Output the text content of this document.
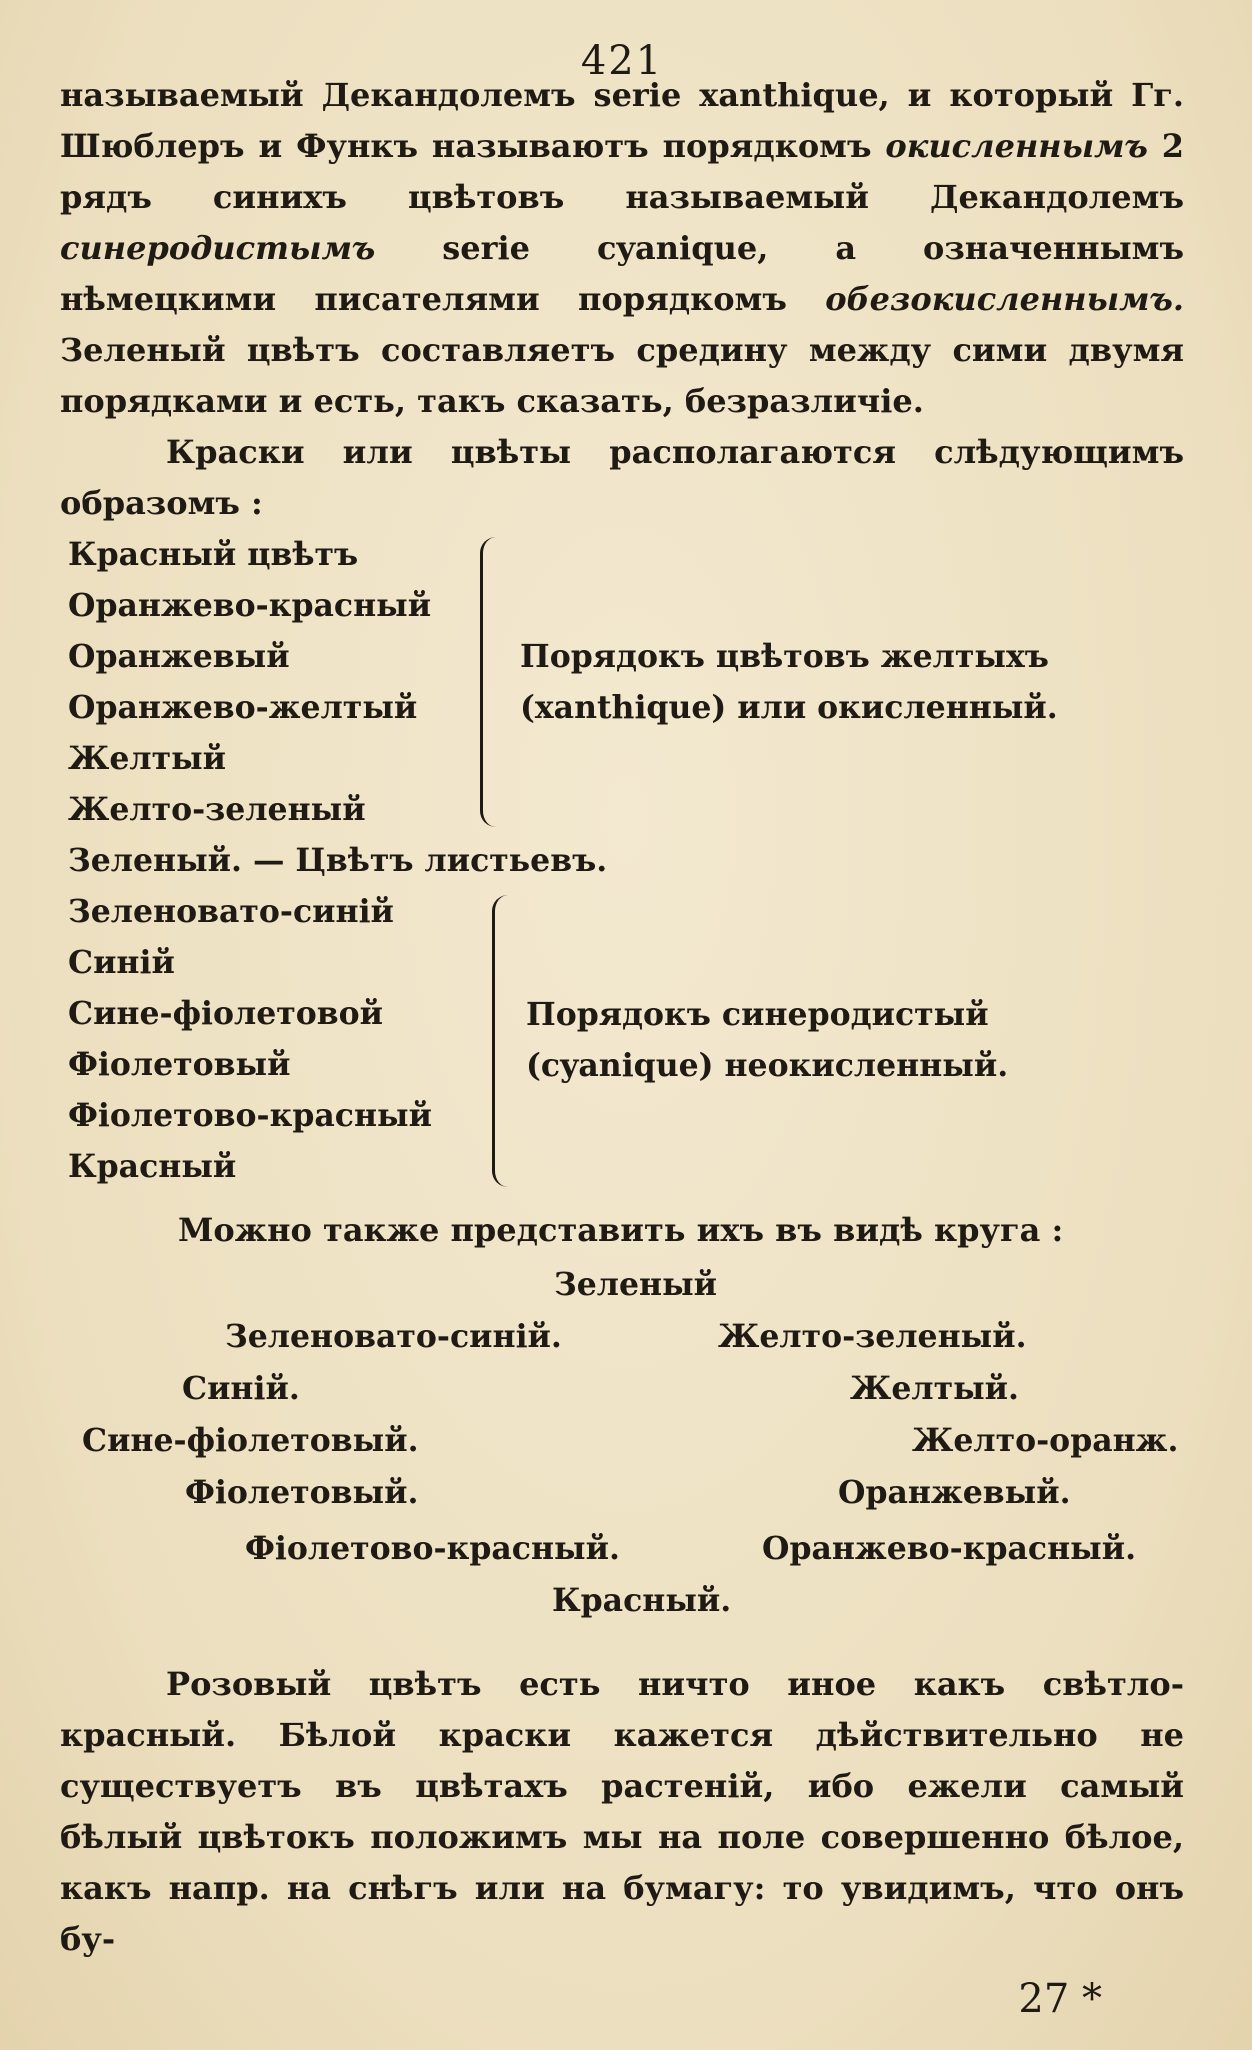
421

называемый Декандолемъ serie xanthique, и который Гг. Шюблеръ и Функъ называютъ порядкомъ окисленнымъ 2 рядъ синихъ цвѣтовъ называемый Декандолемъ синеродистымъ serie cyanique, а означеннымъ нѣмецкими писателями порядкомъ обезокисленнымъ. Зеленый цвѣтъ составляетъ средину между сими двумя порядками и есть, такъ сказать, безразличiе.

Краски или цвѣты располагаются слѣдующимъ образомъ :

Красный цвѣтъ
Оранжево-красный
Оранжевый
Оранжево-желтый
Желтый
Желто-зеленый
Порядокъ цвѣтовъ желтыхъ (xanthique) или окисленный.
Зеленый. — Цвѣтъ листьевъ.
Зеленовато-синiй
Синiй
Сине-фiолетовой
Фiолетовый
Фiолетово-красный
Красный
Порядокъ синеродистый (cyanique) неокисленный.
Можно также представить ихъ въ видѣ круга :
Зеленый
Зеленовато-синiй.	Желто-зеленый.
Синiй.	Желтый.
Сине-фiолетовый.	Желто-оранж.
Фiолетовый.	Оранжевый.
Фiолетово-красный.	Оранжево-красный.
Красный.

Розовый цвѣтъ есть ничто иное какъ свѣтло-красный. Бѣлой краски кажется дѣйствительно не существуетъ въ цвѣтахъ растенiй, ибо ежели самый бѣлый цвѣтокъ положимъ мы на поле совершенно бѣлое, какъ напр. на снѣгъ или на бумагу: то увидимъ, что онъ бу-

27 *
